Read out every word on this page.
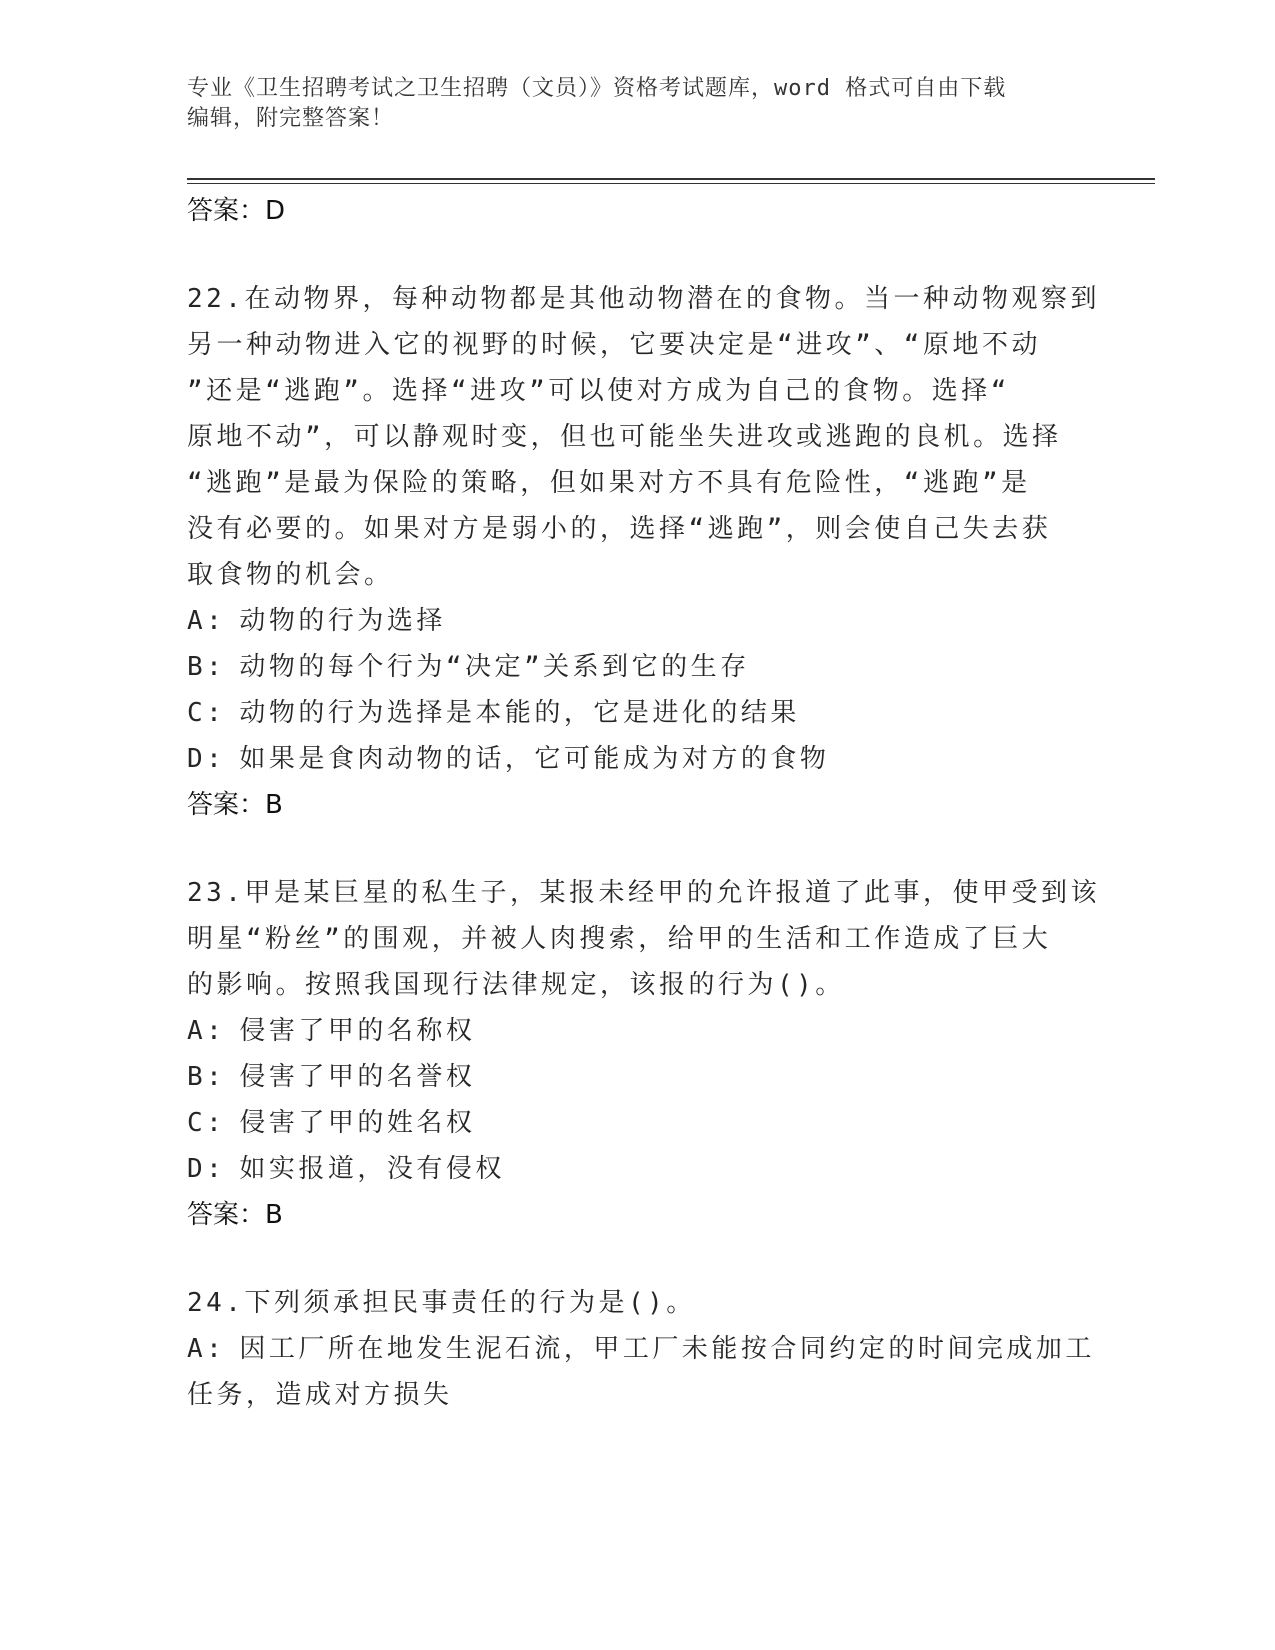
专业《卫生招聘考试之卫生招聘（文员）》资格考试题库，word 格式可自由下载
编辑，附完整答案！
答案：D
22.在动物界，每种动物都是其他动物潜在的食物。当一种动物观察到
另一种动物进入它的视野的时候，它要决定是“进攻”、“原地不动
”还是“逃跑”。选择“进攻”可以使对方成为自己的食物。选择“
原地不动”，可以静观时变，但也可能坐失进攻或逃跑的良机。选择
“逃跑”是最为保险的策略，但如果对方不具有危险性，“逃跑”是
没有必要的。如果对方是弱小的，选择“逃跑”，则会使自己失去获
取食物的机会。
A: 动物的行为选择
B: 动物的每个行为“决定”关系到它的生存
C: 动物的行为选择是本能的，它是进化的结果
D: 如果是食肉动物的话，它可能成为对方的食物
答案：B
23.甲是某巨星的私生子，某报未经甲的允许报道了此事，使甲受到该
明星“粉丝”的围观，并被人肉搜索，给甲的生活和工作造成了巨大
的影响。按照我国现行法律规定，该报的行为()。
A: 侵害了甲的名称权
B: 侵害了甲的名誉权
C: 侵害了甲的姓名权
D: 如实报道，没有侵权
答案：B
24.下列须承担民事责任的行为是()。
A: 因工厂所在地发生泥石流，甲工厂未能按合同约定的时间完成加工
任务，造成对方损失
